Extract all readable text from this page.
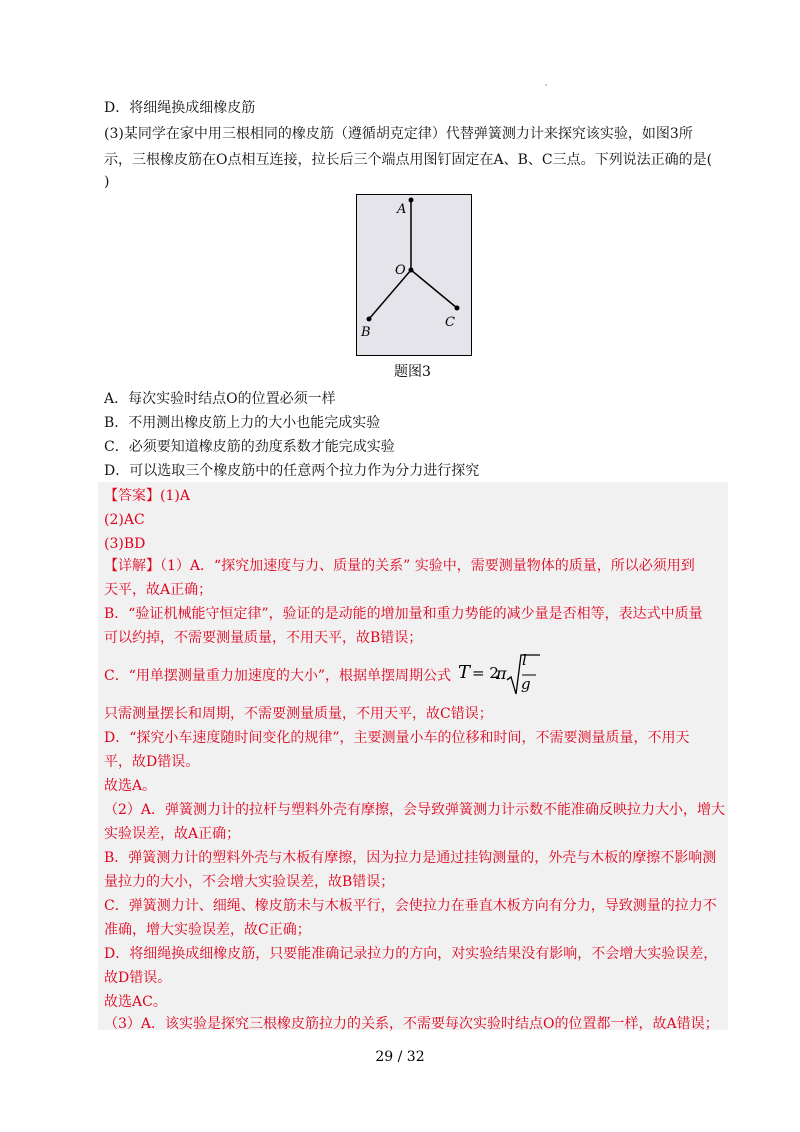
D．将细绳换成细橡皮筋
(3)某同学在家中用三根相同的橡皮筋（遵循胡克定律）代替弹簧测力计来探究该实验，如图3所
示，三根橡皮筋在O点相互连接，拉长后三个端点用图钉固定在A、B、C三点。下列说法正确的是(
)
A
O
B
C
题图3
A．每次实验时结点O的位置必须一样
B．不用测出橡皮筋上力的大小也能完成实验
C．必须要知道橡皮筋的劲度系数才能完成实验
D．可以选取三个橡皮筋中的任意两个拉力作为分力进行探究
【答案】(1)A
(2)AC
(3)BD
【详解】（1）A．“探究加速度与力、质量的关系” 实验中，需要测量物体的质量，所以必须用到
天平，故A正确；
B．“验证机械能守恒定律”，验证的是动能的增加量和重力势能的减少量是否相等，表达式中质量
可以约掉，不需要测量质量，不用天平，故B错误；
C．“用单摆测量重力加速度的大小”，根据单摆周期公式 T = 2
π
l
g
只需测量摆长和周期，不需要测量质量，不用天平，故C错误；
D．“探究小车速度随时间变化的规律”，主要测量小车的位移和时间，不需要测量质量，不用天
平，故D错误。
故选A。
（2）A．弹簧测力计的拉杆与塑料外壳有摩擦，会导致弹簧测力计示数不能准确反映拉力大小，增大
实验误差，故A正确；
B．弹簧测力计的塑料外壳与木板有摩擦，因为拉力是通过挂钩测量的，外壳与木板的摩擦不影响测
量拉力的大小，不会增大实验误差，故B错误；
C．弹簧测力计、细绳、橡皮筋未与木板平行，会使拉力在垂直木板方向有分力，导致测量的拉力不
准确，增大实验误差，故C正确；
D．将细绳换成细橡皮筋，只要能准确记录拉力的方向，对实验结果没有影响，不会增大实验误差，
故D错误。
故选AC。
（3）A．该实验是探究三根橡皮筋拉力的关系，不需要每次实验时结点O的位置都一样，故A错误；
29 / 32
